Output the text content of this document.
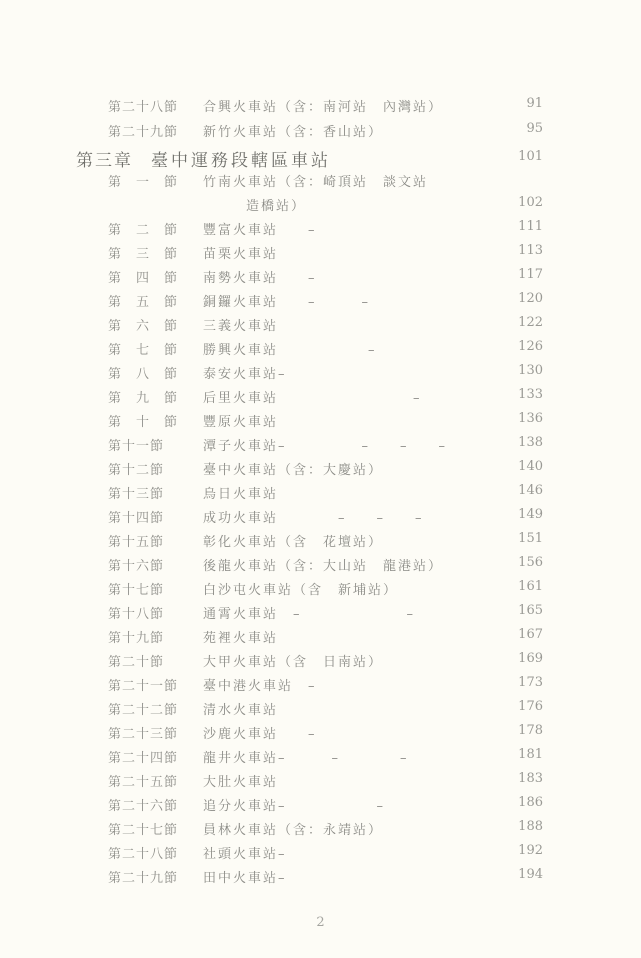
第二十八節 合興火車站（含：南河站　內灣站）	91
第二十九節 新竹火車站（含：香山站）	95
第三章 臺中運務段轄區車站	101
第　一　節 竹南火車站（含：崎頂站　談文站
造橋站）	102
第　二　節 豐富火車站　　–	111
第　三　節 苗栗火車站	113
第　四　節 南勢火車站　　–	117
第　五　節 銅鑼火車站　　–　　　–	120
第　六　節 三義火車站	122
第　七　節 勝興火車站　　　　　　–	126
第　八　節 泰安火車站–	130
第　九　節 后里火車站　　　　　　　　　–	133
第　十　節 豐原火車站	136
第十一節	潭子火車站–　　　　　–　　–　　–	138
第十二節	臺中火車站（含：大慶站）	140
第十三節	烏日火車站	146
第十四節	成功火車站　　　　–　　–　　–	149
第十五節	彰化火車站（含　花壇站）	151
第十六節	後龍火車站（含：大山站　龍港站）	156
第十七節	白沙屯火車站（含　新埔站）	161
第十八節	通霄火車站　–　　　　　　　–	165
第十九節	苑裡火車站	167
第二十節	大甲火車站（含　日南站）	169
第二十一節 臺中港火車站　–	173
第二十二節 清水火車站	176
第二十三節 沙鹿火車站　　–	178
第二十四節 龍井火車站–　　　–　　　　–	181
第二十五節 大肚火車站	183
第二十六節 追分火車站–　　　　　　–	186
第二十七節 員林火車站（含：永靖站）	188
第二十八節 社頭火車站–	192
第二十九節 田中火車站–	194
2
